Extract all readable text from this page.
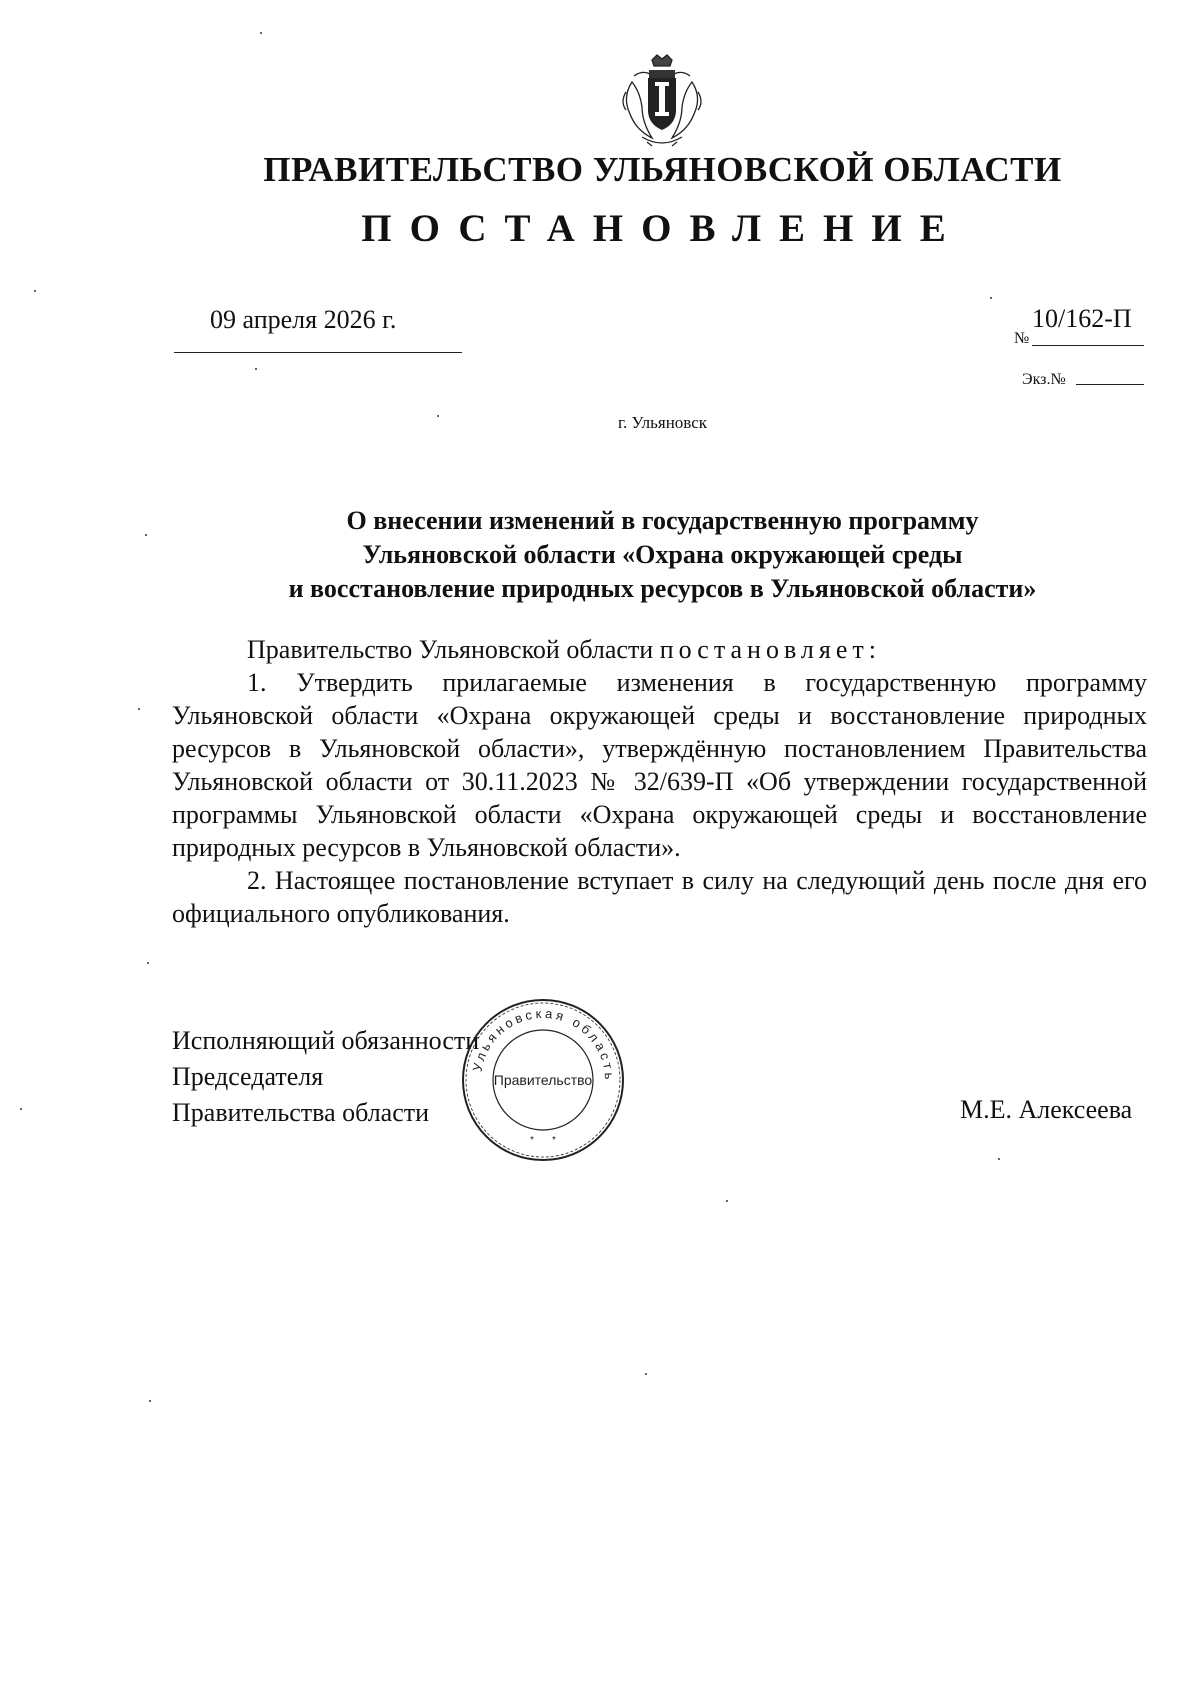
ПРАВИТЕЛЬСТВО УЛЬЯНОВСКОЙ ОБЛАСТИ
ПОСТАНОВЛЕНИЕ
09 апреля 2026 г.
№
10/162-П
Экз.№
г. Ульяновск
О внесении изменений в государственную программу
Ульяновской области «Охрана окружающей среды
и восстановление природных ресурсов в Ульяновской области»

Правительство Ульяновской области постановляет:

1. Утвердить прилагаемые изменения в государственную программу Ульяновской области «Охрана окружающей среды и восстановление природных ресурсов в Ульяновской области», утверждённую постановлением Правительства Ульяновской области от 30.11.2023 № 32/639-П «Об утверждении государственной программы Ульяновской области «Охрана окружающей среды и восстановление природных ресурсов в Ульяновской области».

2. Настоящее постановление вступает в силу на следующий день после дня его официального опубликования.

Исполняющий обязанности
Председателя
Правительства области
Ульяновская область
Правительство
* *
М.Е. Алексеева
